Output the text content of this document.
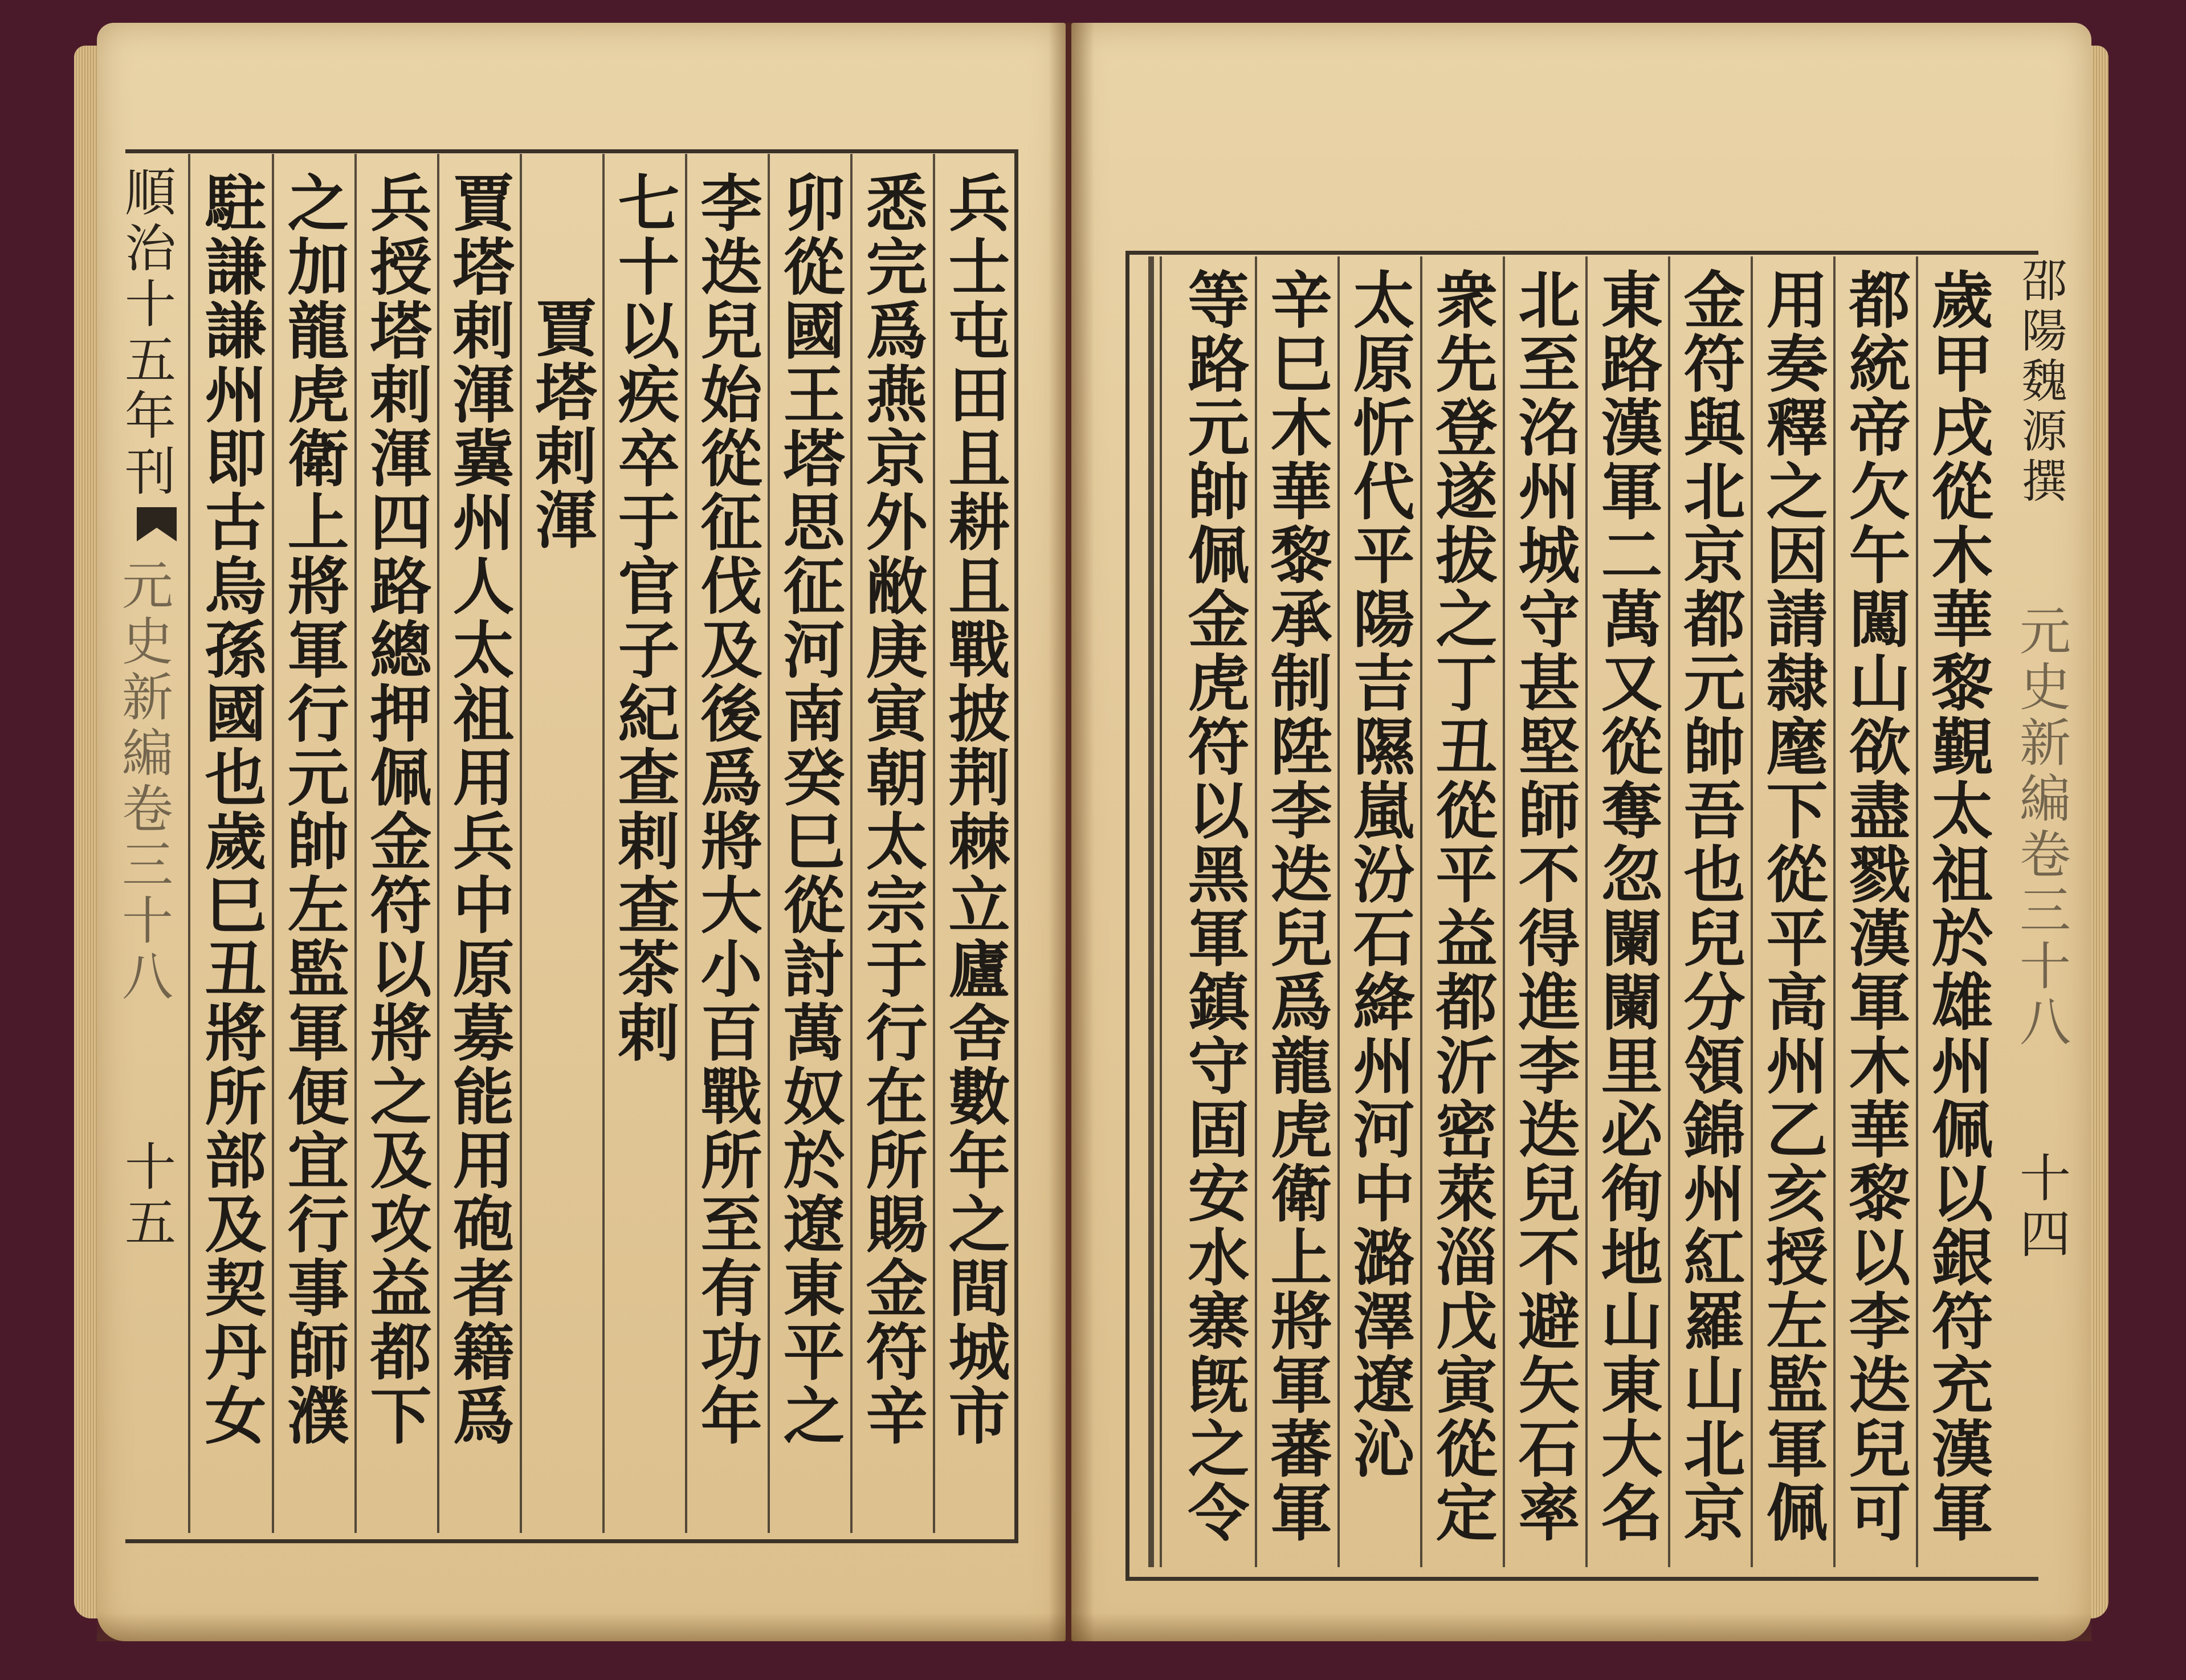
順治十五年刊
元史新編卷三十八
十五	兵士屯田且耕且戰披荆棘立廬舍數年之間城市
悉完爲燕京外敝庚寅朝太宗于行在所賜金符辛
卯從國王塔思征河南癸巳從討萬奴於遼東平之
李迭兒始從征伐及後爲將大小百戰所至有功年
七十以疾卒于官子紀查剌查茶剌
賈塔剌渾
賈塔剌渾冀州人太祖用兵中原募能用砲者籍爲
兵授塔剌渾四路總押佩金符以將之及攻益都下
之加龍虎衛上將軍行元帥左監軍便宜行事師濮
駐謙謙州即古烏孫國也歲巳丑將所部及契丹女	邵陽魏源撰
元史新編卷三十八
十四
歲甲戌從木華黎覲太祖於雄州佩以銀符充漢軍
都統帝欠午闖山欲盡戮漢軍木華黎以李迭兒可
用奏釋之因請隸麾下從平高州乙亥授左監軍佩
金符與北京都元帥吾也兒分領錦州紅羅山北京
東路漢軍二萬又從奪忽闌闌里必徇地山東大名
北至洺州城守甚堅師不得進李迭兒不避矢石率
衆先登遂拔之丁丑從平益都沂密萊淄戊寅從定
太原忻代平陽吉隰嵐汾石絳州河中潞澤遼沁
辛巳木華黎承制陞李迭兒爲龍虎衛上將軍蕃軍
等路元帥佩金虎符以黑軍鎮守固安水寨旣之令
